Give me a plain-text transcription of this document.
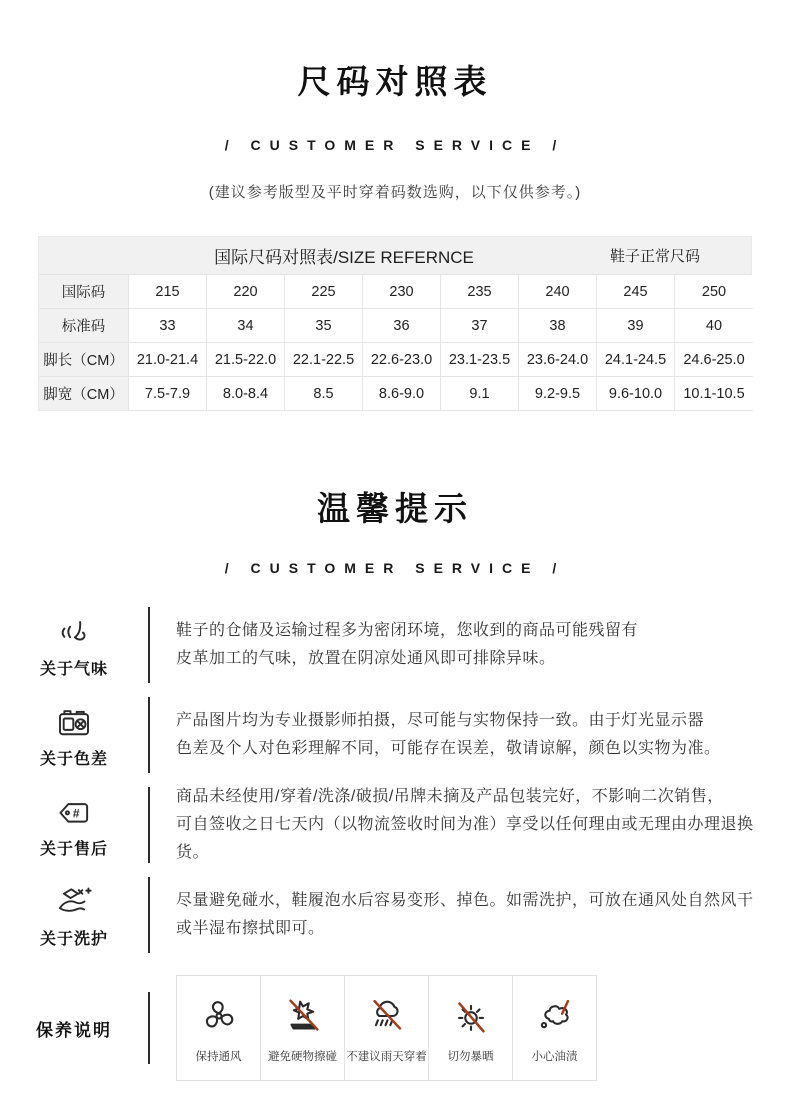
尺码对照表
/ CUSTOMER SERVICE /
(建议参考版型及平时穿着码数选购，以下仅供参考。)
国际尺码对照表/SIZE REFERNCE	鞋子正常尺码
国际码	215	220	225	230	235	240	245	250
标准码	33	34	35	36	37	38	39	40
脚长（CM） 21.0-21.4	21.5-22.0	22.1-22.5	22.6-23.0	23.1-23.5	23.6-24.0	24.1-24.5	24.6-25.0
脚宽（CM）	7.5-7.9	8.0-8.4	8.5	8.6-9.0	9.1	9.2-9.5	9.6-10.0	10.1-10.5
温馨提示
/ CUSTOMER SERVICE /
关于气味
鞋子的仓储及运输过程多为密闭环境，您收到的商品可能残留有
皮革加工的气味，放置在阴凉处通风即可排除异味。
关于色差
产品图片均为专业摄影师拍摄，尽可能与实物保持一致。由于灯光显示器
色差及个人对色彩理解不同，可能存在误差，敬请谅解，颜色以实物为准。
#
关于售后
商品未经使用/穿着/洗涤/破损/吊牌未摘及产品包装完好，不影响二次销售，
可自签收之日七天内（以物流签收时间为准）享受以任何理由或无理由办理退换货。
关于洗护
尽量避免碰水，鞋履泡水后容易变形、掉色。如需洗护，可放在通风处自然风干
或半湿布擦拭即可。
保养说明
保持通风 避免硬物擦碰 不建议雨天穿着 切勿暴晒	小心油渍
